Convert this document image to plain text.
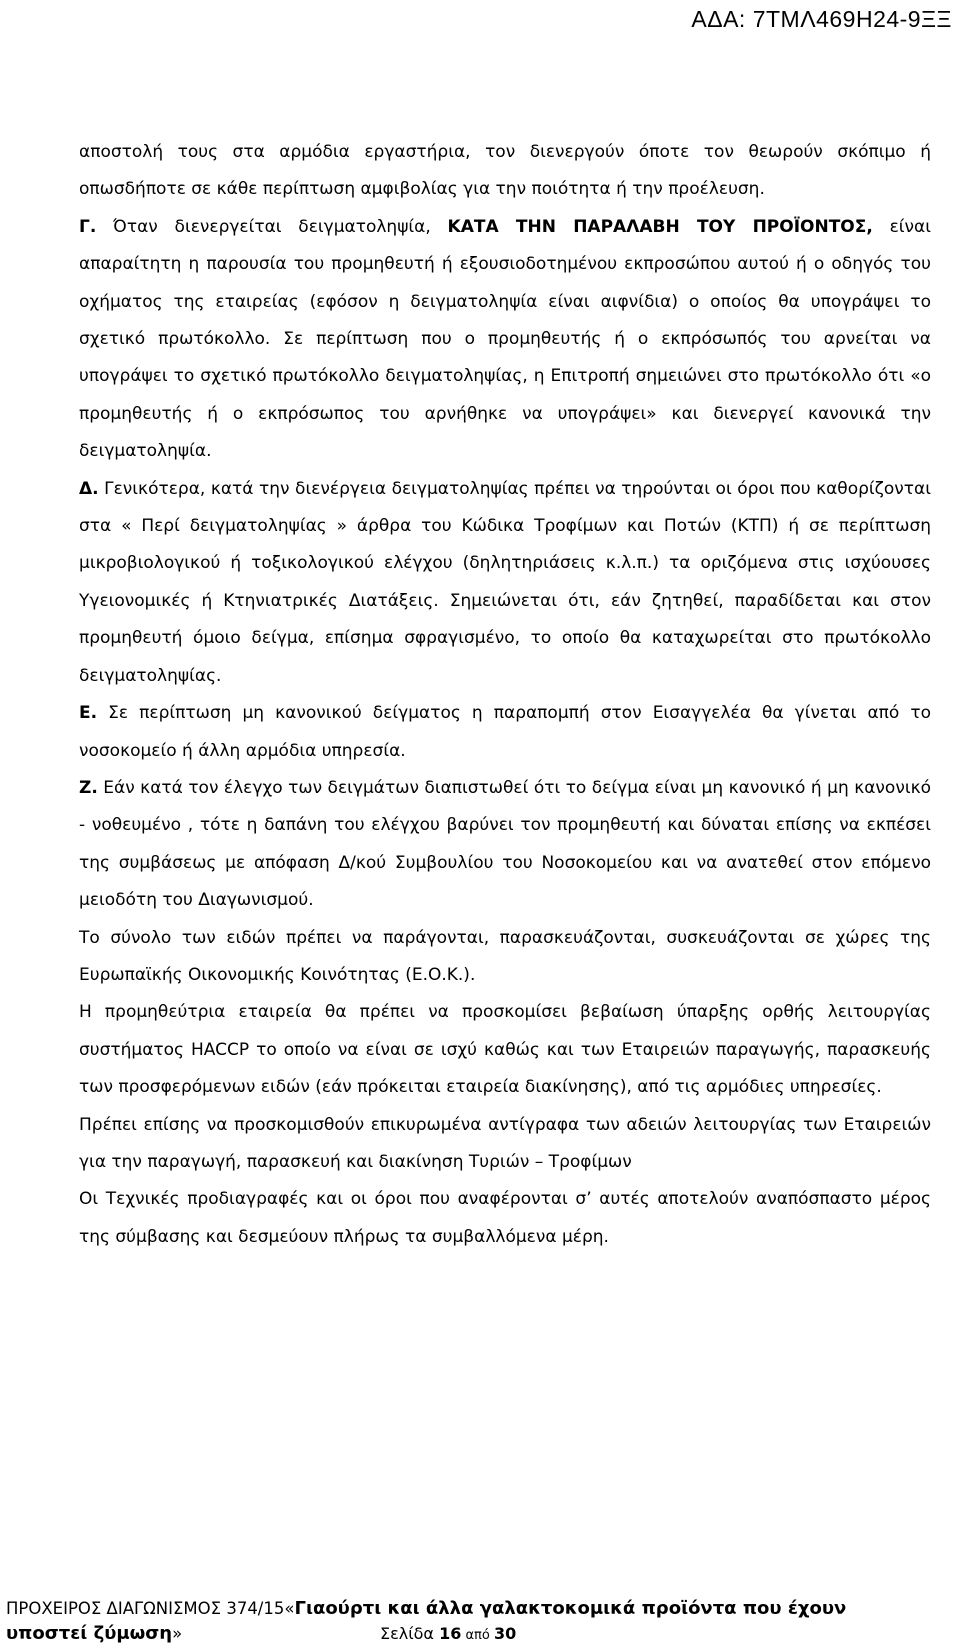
ΑΔΑ: 7ΤΜΛ469Η24-9ΞΞ

αποστολή τους στα αρμόδια εργαστήρια, τον διενεργούν όποτε τον θεωρούν σκόπιμο ή οπωσδήποτε σε κάθε περίπτωση αμφιβολίας για την ποιότητα ή την προέλευση.

Γ. Όταν διενεργείται δειγματοληψία, ΚΑΤΑ ΤΗΝ ΠΑΡΑΛΑΒΗ ΤΟΥ ΠΡΟΪΟΝΤΟΣ, είναι απαραίτητη η παρουσία του προμηθευτή ή εξουσιοδοτημένου εκπροσώπου αυτού ή ο οδηγός του οχήματος της εταιρείας (εφόσον η δειγματοληψία είναι αιφνίδια) ο οποίος θα υπογράψει το σχετικό πρωτόκολλο. Σε περίπτωση που ο προμηθευτής ή ο εκπρόσωπός του αρνείται να υπογράψει το σχετικό πρωτόκολλο δειγματοληψίας, η Επιτροπή σημειώνει στο πρωτόκολλο ότι «ο προμηθευτής ή ο εκπρόσωπος του αρνήθηκε να υπογράψει» και διενεργεί κανονικά την δειγματοληψία.

Δ. Γενικότερα, κατά την διενέργεια δειγματοληψίας πρέπει να τηρούνται οι όροι που καθορίζονται στα « Περί δειγματοληψίας » άρθρα του Κώδικα Τροφίμων και Ποτών (ΚΤΠ) ή σε περίπτωση μικροβιολογικού ή τοξικολογικού ελέγχου (δηλητηριάσεις κ.λ.π.) τα οριζόμενα στις ισχύουσες Υγειονομικές ή Κτηνιατρικές Διατάξεις. Σημειώνεται ότι, εάν ζητηθεί, παραδίδεται και στον προμηθευτή όμοιο δείγμα, επίσημα σφραγισμένο, το οποίο θα καταχωρείται στο πρωτόκολλο δειγματοληψίας.

Ε. Σε περίπτωση μη κανονικού δείγματος η παραπομπή στον Εισαγγελέα θα γίνεται από το νοσοκομείο ή άλλη αρμόδια υπηρεσία.

Ζ. Εάν κατά τον έλεγχο των δειγμάτων διαπιστωθεί ότι το δείγμα είναι μη κανονικό ή μη κανονικό - νοθευμένο , τότε η δαπάνη του ελέγχου βαρύνει τον προμηθευτή και δύναται επίσης να εκπέσει της συμβάσεως με απόφαση Δ/κού Συμβουλίου του Νοσοκομείου και να ανατεθεί στον επόμενο μειοδότη του Διαγωνισμού.

Το σύνολο των ειδών πρέπει να παράγονται, παρασκευάζονται, συσκευάζονται σε χώρες της Ευρωπαϊκής Οικονομικής Κοινότητας (Ε.Ο.Κ.).

Η προμηθεύτρια εταιρεία θα πρέπει να προσκομίσει βεβαίωση ύπαρξης ορθής λειτουργίας συστήματος HACCP το οποίο να είναι σε ισχύ καθώς και των Εταιρειών παραγωγής, παρασκευής των προσφερόμενων ειδών (εάν πρόκειται εταιρεία διακίνησης), από τις αρμόδιες υπηρεσίες.

Πρέπει επίσης να προσκομισθούν επικυρωμένα αντίγραφα των αδειών λειτουργίας των Εταιρειών για την παραγωγή, παρασκευή και διακίνηση Τυριών – Τροφίμων

Οι Τεχνικές προδιαγραφές και οι όροι που αναφέρονται σ’ αυτές αποτελούν αναπόσπαστο μέρος της σύμβασης και δεσμεύουν πλήρως τα συμβαλλόμενα μέρη.

ΠΡΟΧΕΙΡΟΣ ΔΙΑΓΩΝΙΣΜΟΣ 374/15«Γιαούρτι και άλλα γαλακτοκομικά προϊόντα που έχουν
υποστεί ζύμωση»	Σελίδα 16 από 30
